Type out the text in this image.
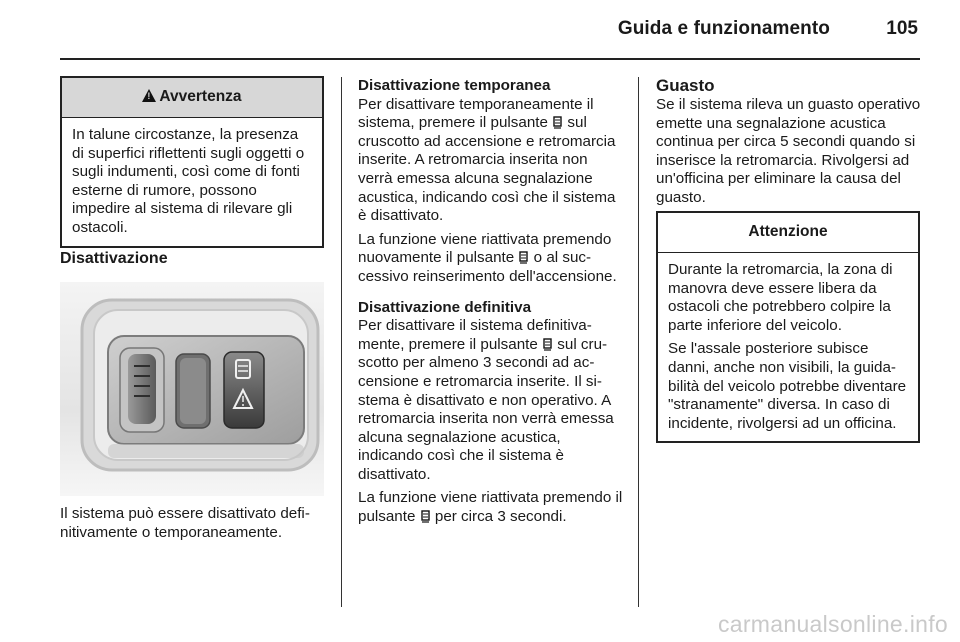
Guida e funzionamento	105
!Avvertenza

In talune circostanze, la presenza di superfici riflettenti sugli oggetti o sugli indumenti, così come di fonti esterne di rumore, possono impedire al sistema di rilevare gli ostacoli.

Disattivazione

Il sistema può essere disattivato definitivamente o temporaneamente.

Disattivazione temporanea

Per disattivare temporaneamente il sistema, premere il pulsante sul cruscotto ad accensione e retromarcia inserite. A retromarcia inserita non verrà emessa alcuna segnalazione acustica, indicando così che il sistema è disattivato.

La funzione viene riattivata premendo nuovamente il pulsante o al successivo reinserimento dell'accensione.

Disattivazione definitiva

Per disattivare il sistema definitivamente, premere il pulsante sul cruscotto per almeno 3 secondi ad accensione e retromarcia inserite. Il sistema è disattivato e non operativo. A retromarcia inserita non verrà emessa alcuna segnalazione acustica, indicando così che il sistema è disattivato.

La funzione viene riattivata premendo il pulsante per circa 3 secondi.

Guasto

Se il sistema rileva un guasto operativo emette una segnalazione acustica continua per circa 5 secondi quando si inserisce la retromarcia. Rivolgersi ad un'officina per eliminare la causa del guasto.

Attenzione

Durante la retromarcia, la zona di manovra deve essere libera da ostacoli che potrebbero colpire la parte inferiore del veicolo.

Se l'assale posteriore subisce danni, anche non visibili, la guidabilità del veicolo potrebbe diventare "stranamente" diversa. In caso di incidente, rivolgersi ad un officina.

carmanualsonline.info
